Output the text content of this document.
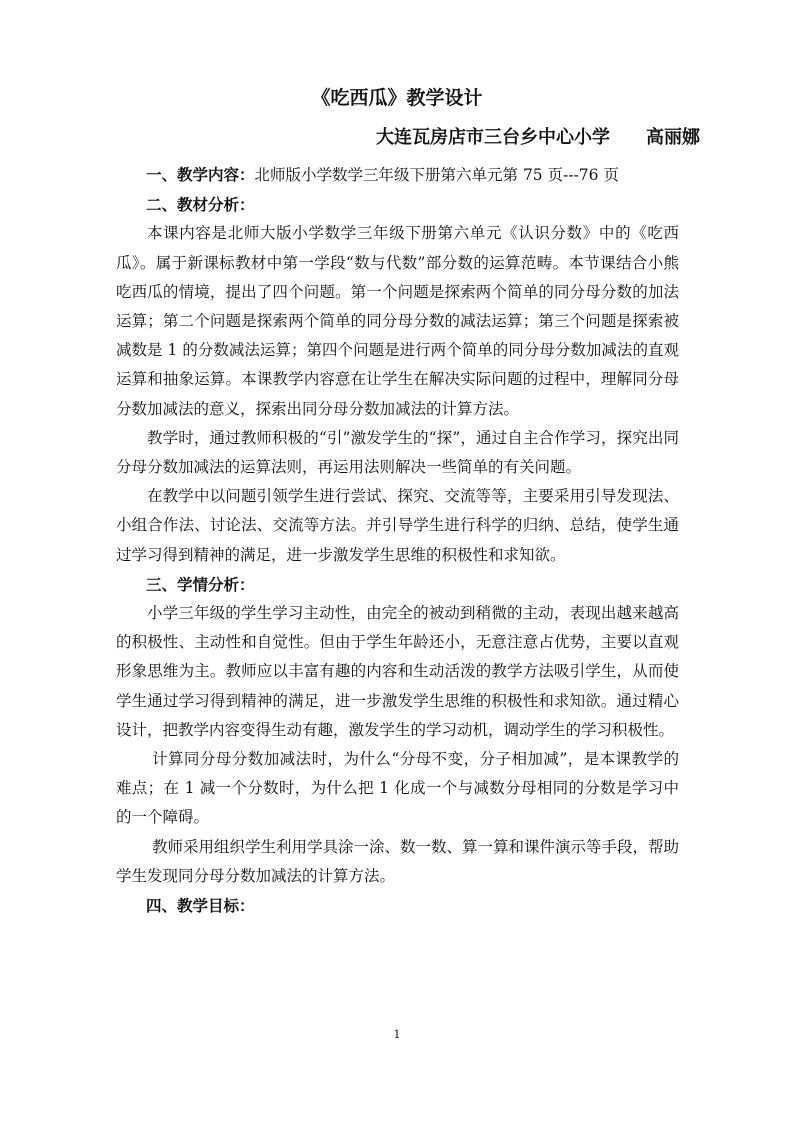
《吃西瓜》教学设计
大连瓦房店市三台乡中心小学 高丽娜

一、教学内容：北师版小学数学三年级下册第六单元第 75 页---76 页

二、教材分析：

本课内容是北师大版小学数学三年级下册第六单元《认识分数》中的《吃西瓜》。属于新课标教材中第一学段“数与代数”部分数的运算范畴。本节课结合小熊吃西瓜的情境，提出了四个问题。第一个问题是探索两个简单的同分母分数的加法运算；第二个问题是探索两个简单的同分母分数的减法运算；第三个问题是探索被减数是 1 的分数减法运算；第四个问题是进行两个简单的同分母分数加减法的直观运算和抽象运算。本课教学内容意在让学生在解决实际问题的过程中，理解同分母分数加减法的意义，探索出同分母分数加减法的计算方法。

教学时，通过教师积极的“引”激发学生的“探”，通过自主合作学习，探究出同分母分数加减法的运算法则，再运用法则解决一些简单的有关问题。

在教学中以问题引领学生进行尝试、探究、交流等等，主要采用引导发现法、小组合作法、讨论法、交流等方法。并引导学生进行科学的归纳、总结，使学生通过学习得到精神的满足，进一步激发学生思维的积极性和求知欲。

三、学情分析：

小学三年级的学生学习主动性，由完全的被动到稍微的主动，表现出越来越高的积极性、主动性和自觉性。但由于学生年龄还小，无意注意占优势，主要以直观形象思维为主。教师应以丰富有趣的内容和生动活泼的教学方法吸引学生，从而使学生通过学习得到精神的满足，进一步激发学生思维的积极性和求知欲。通过精心设计，把教学内容变得生动有趣，激发学生的学习动机，调动学生的学习积极性。

计算同分母分数加减法时，为什么“分母不变，分子相加减”，是本课教学的难点；在 1 减一个分数时，为什么把 1 化成一个与减数分母相同的分数是学习中的一个障碍。

教师采用组织学生利用学具涂一涂、数一数、算一算和课件演示等手段，帮助学生发现同分母分数加减法的计算方法。

四、教学目标：

1
